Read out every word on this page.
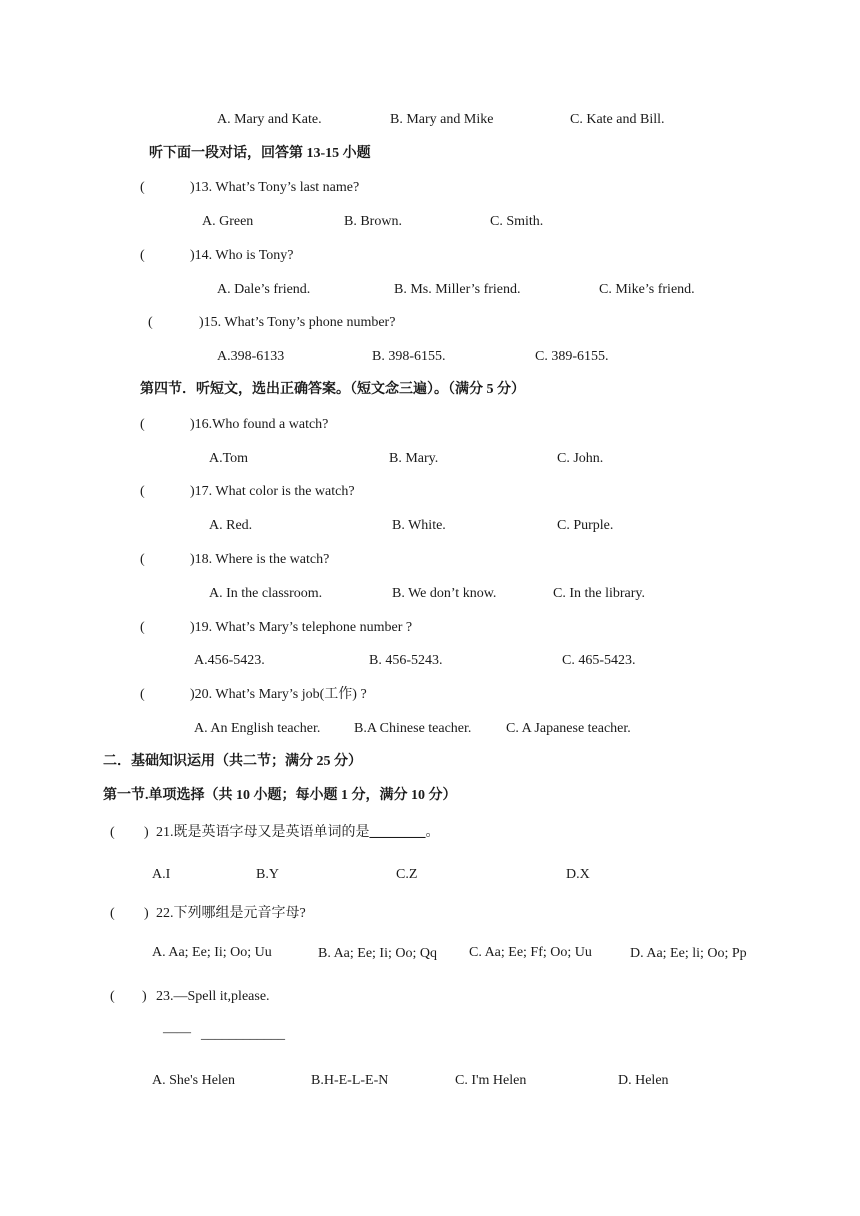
A. Mary and Kate.	B. Mary and Mike	C. Kate and Bill.
听下面一段对话，回答第 13-15 小题
(	)13. What’s Tony’s last name?
A. Green	B. Brown.	C. Smith.
(	)14. Who is Tony?
A. Dale’s friend.	B. Ms. Miller’s friend.	C. Mike’s friend.
(	)15. What’s Tony’s phone number?
A.398-6133	B. 398-6155.	C. 389-6155.
第四节．听短文，选出正确答案。（短文念三遍）。（满分 5 分）
(	)16.Who found a watch?
A.Tom	B. Mary.	C. John.
(	)17. What color is the watch?
A. Red.	B. White.	C. Purple.
(	)18. Where is the watch?
A. In the classroom.	B. We don’t know.	C. In the library.
(	)19. What’s Mary’s telephone number ?
A.456-5423.	B. 456-5243.	C. 465-5423.
(	)20. What’s Mary’s job(工作) ?
A. An English teacher. B.A Chinese teacher. C. A Japanese teacher.
二．基础知识运用（共二节；满分 25 分）
第一节.单项选择（共 10 小题；每小题 1 分，满分 10 分）
( ) 21.既是英语字母又是英语单词的是________。
A.I	B.Y	C.Z	D.X
( ) 22.下列哪组是元音字母?
A. Aa; Ee; Ii; Oo; Uu	B. Aa; Ee; Ii; Oo; Qq C. Aa; Ee; Ff; Oo; Uu	D. Aa; Ee; li; Oo; Pp
( ) 23.—Spell it,please.
—— ____________
A. She's Helen	B.H-E-L-E-N	C. I'm Helen	D. Helen
